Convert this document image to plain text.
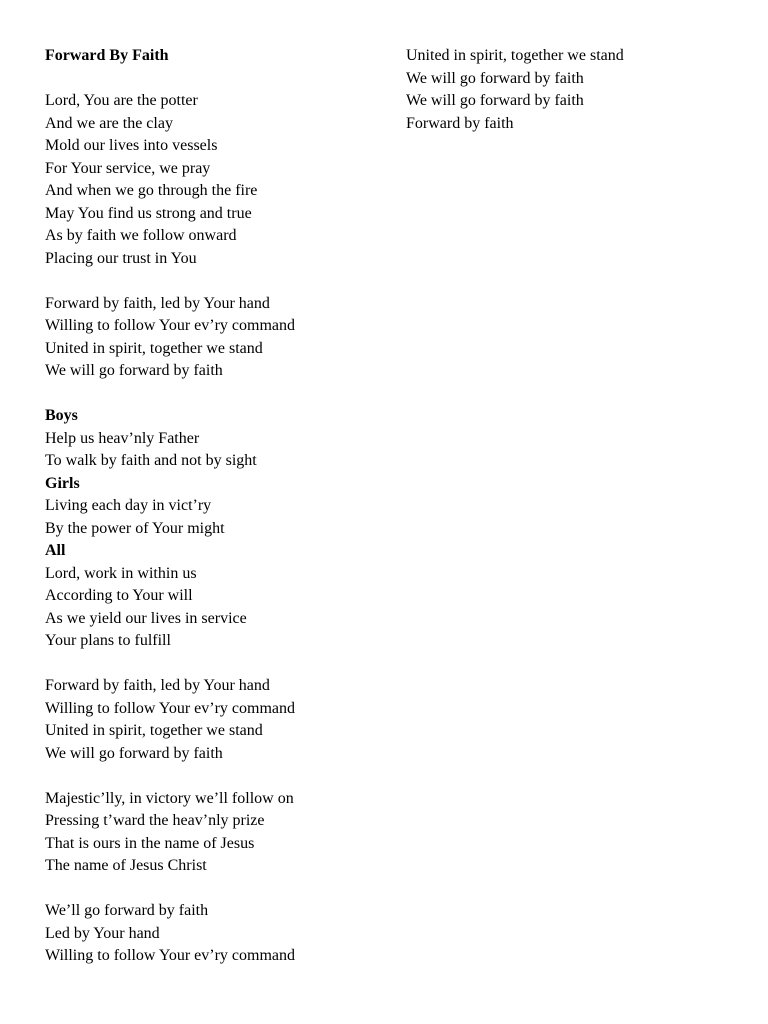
Forward By Faith
Lord, You are the potter
And we are the clay
Mold our lives into vessels
For Your service, we pray
And when we go through the fire
May You find us strong and true
As by faith we follow onward
Placing our trust in You
Forward by faith, led by Your hand
Willing to follow Your ev’ry command
United in spirit, together we stand
We will go forward by faith
Boys
Help us heav’nly Father
To walk by faith and not by sight
Girls
Living each day in vict’ry
By the power of Your might
All
Lord, work in within us
According to Your will
As we yield our lives in service
Your plans to fulfill
Forward by faith, led by Your hand
Willing to follow Your ev’ry command
United in spirit, together we stand
We will go forward by faith
Majestic’lly, in victory we’ll follow on
Pressing t’ward the heav’nly prize
That is ours in the name of Jesus
The name of Jesus Christ
We’ll go forward by faith
Led by Your hand
Willing to follow Your ev’ry command
United in spirit, together we stand
We will go forward by faith
We will go forward by faith
Forward by faith
